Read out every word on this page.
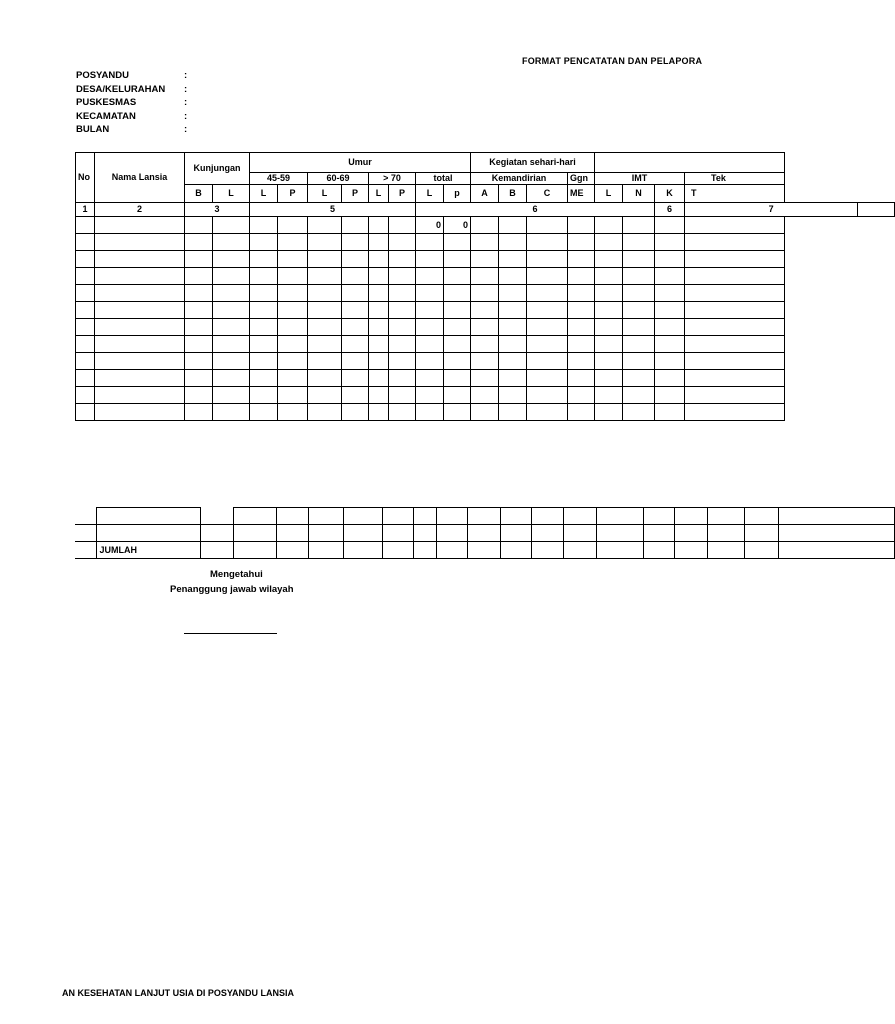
FORMAT PENCATATAN DAN PELAPORA
POSYANDU	:
DESA/KELURAHAN :
PUSKESMAS	:
KECAMATAN	:
BULAN	:
No	Nama Lansia	Kunjungan		Umur								Kegiatan sehari-hari								
				45-59		60-69		> 70		total		Kemandirian			Ggn	IMT			Tek	
		B	L	L	P	L	P	L	P	L	p	A	B	C	ME	L	N	K	T	
1	2	3		5						6								6	7	
										0	0									

	JUMLAH																		
Mengetahui
Penanggung jawab wilayah
AN KESEHATAN LANJUT USIA DI POSYANDU LANSIA
